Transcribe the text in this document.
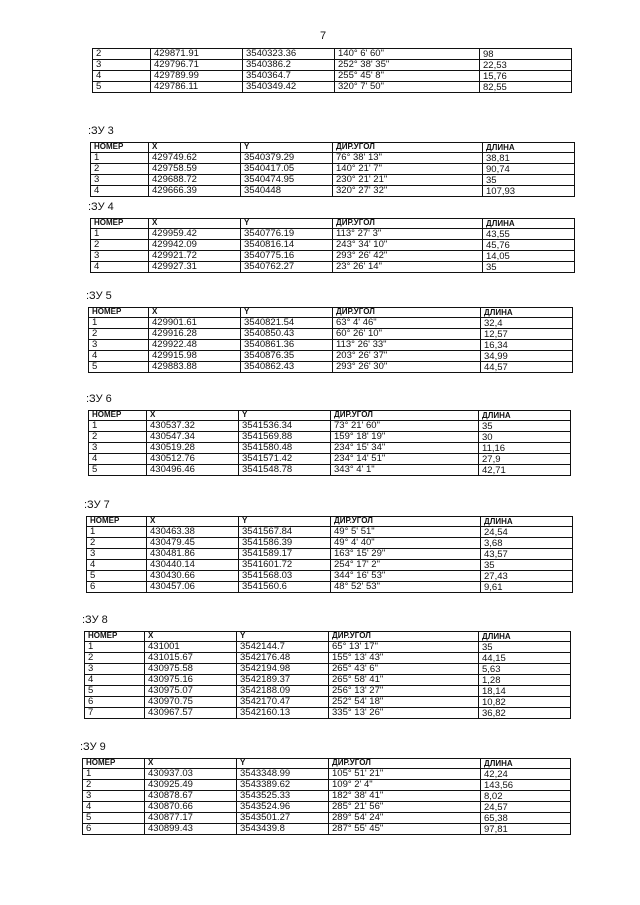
7
2	429871.91	3540323.36	140° 6' 60"	98
3	429796.71	3540386.2	252° 38' 35"	22,53
4	429789.99	3540364.7	255° 45' 8"	15,76
5	429786.11	3540349.42	320° 7' 50"	82,55
:ЗУ 3
НОМЕР	X	Y	ДИР.УГОЛ	ДЛИНА
1	429749.62	3540379.29	76° 38' 13"	38,81
2	429758.59	3540417.05	140° 21' 7"	90,74
3	429688.72	3540474.95	230° 21' 21"	35
4	429666.39	3540448	320° 27' 32"	107,93
:ЗУ 4
НОМЕР	X	Y	ДИР.УГОЛ	ДЛИНА
1	429959.42	3540776.19	113° 27' 3"	43,55
2	429942.09	3540816.14	243° 34' 10"	45,76
3	429921.72	3540775.16	293° 26' 42"	14,05
4	429927.31	3540762.27	23° 26' 14"	35
:ЗУ 5
НОМЕР	X	Y	ДИР.УГОЛ	ДЛИНА
1	429901.61	3540821.54	63° 4' 46"	32,4
2	429916.28	3540850.43	60° 26' 10"	12,57
3	429922.48	3540861.36	113° 26' 33"	16,34
4	429915.98	3540876.35	203° 26' 37"	34,99
5	429883.88	3540862.43	293° 26' 30"	44,57
:ЗУ 6
НОМЕР	X	Y	ДИР.УГОЛ	ДЛИНА
1	430537.32	3541536.34	73° 21' 60"	35
2	430547.34	3541569.88	159° 18' 19"	30
3	430519.28	3541580.48	234° 15' 34"	11,16
4	430512.76	3541571.42	234° 14' 51"	27,9
5	430496.46	3541548.78	343° 4' 1"	42,71
:ЗУ 7
НОМЕР	X	Y	ДИР.УГОЛ	ДЛИНА
1	430463.38	3541567.84	49° 5' 51"	24,54
2	430479.45	3541586.39	49° 4' 40"	3,68
3	430481.86	3541589.17	163° 15' 29"	43,57
4	430440.14	3541601.72	254° 17' 2"	35
5	430430.66	3541568.03	344° 16' 53"	27,43
6	430457.06	3541560.6	48° 52' 53"	9,61
:ЗУ 8
НОМЕР	X	Y	ДИР.УГОЛ	ДЛИНА
1	431001	3542144.7	65° 13' 17"	35
2	431015.67	3542176.48	155° 13' 43"	44,15
3	430975.58	3542194.98	265° 43' 6"	5,63
4	430975.16	3542189.37	265° 58' 41"	1,28
5	430975.07	3542188.09	256° 13' 27"	18,14
6	430970.75	3542170.47	252° 54' 18"	10,82
7	430967.57	3542160.13	335° 13' 26"	36,82
:ЗУ 9
НОМЕР	X	Y	ДИР.УГОЛ	ДЛИНА
1	430937.03	3543348.99	105° 51' 21"	42,24
2	430925.49	3543389.62	109° 2' 4"	143,56
3	430878.67	3543525.33	182° 38' 41"	8,02
4	430870.66	3543524.96	285° 21' 56"	24,57
5	430877.17	3543501.27	289° 54' 24"	65,38
6	430899.43	3543439.8	287° 55' 45"	97,81
